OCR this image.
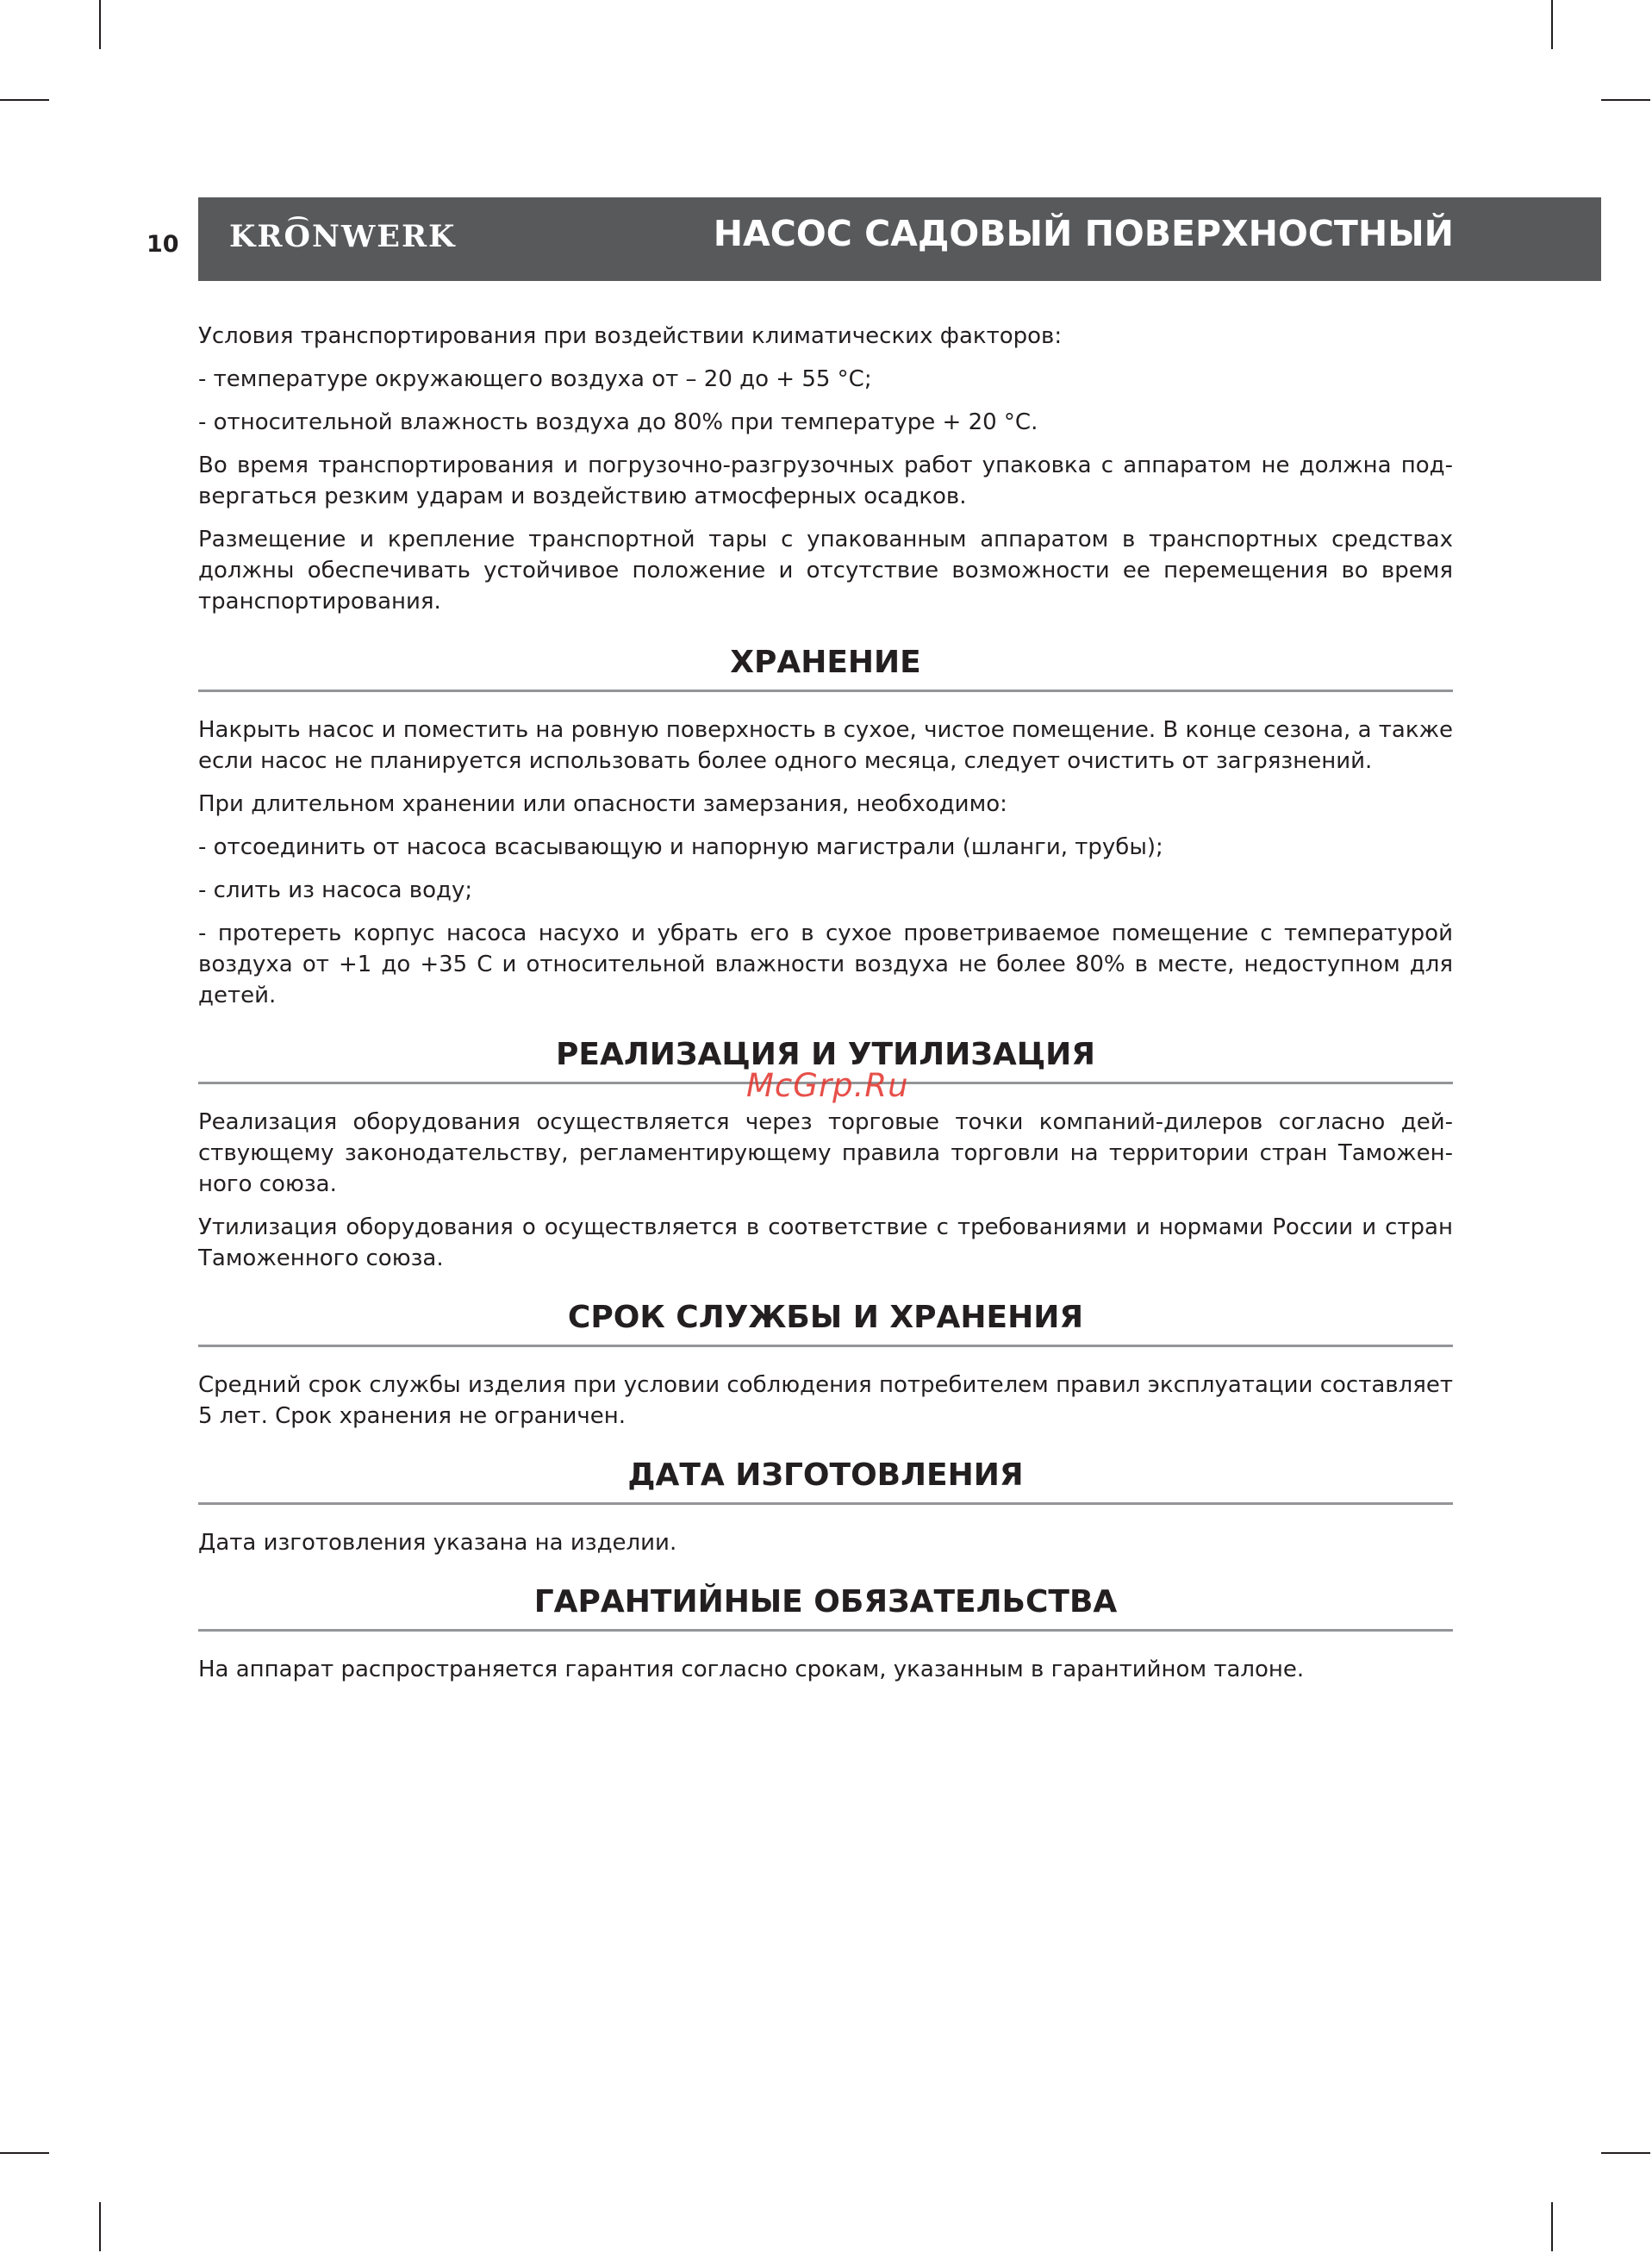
10 KRONWERK	НАСОС САДОВЫЙ ПОВЕРХНОСТНЫЙ

Условия транспортирования при воздействии климатических факторов:

- температуре окружающего воздуха от – 20 до + 55 °С;

- относительной влажность воздуха до 80% при температуре + 20 °С.

Во время транспортирования и погрузочно-разгрузочных работ упаковка с аппаратом не должна подвергаться резким ударам и воздействию атмосферных осадков.

Размещение и крепление транспортной тары с упакованным аппаратом в транспортных средствах должны обеспечивать устойчивое положение и отсутствие возможности ее перемещения во время транспортирования.

ХРАНЕНИЕ

Накрыть насос и поместить на ровную поверхность в сухое, чистое помещение. В конце сезона, а также если насос не планируется использовать более одного месяца, следует очистить от загрязнений.

При длительном хранении или опасности замерзания, необходимо:

- отсоединить от насоса всасывающую и напорную магистрали (шланги, трубы);

- слить из насоса воду;

- протереть корпус насоса насухо и убрать его в сухое проветриваемое помещение с температурой воздуха от +1 до +35 С и относительной влажности воздуха не более 80% в месте, недоступном для детей.

РЕАЛИЗАЦИЯ И УТИЛИЗАЦИЯ

Реализация оборудования осуществляется через торговые точки компаний-дилеров согласно действующему законодательству, регламентирующему правила торговли на территории стран Таможенного союза.

Утилизация оборудования о осуществляется в соответствие с требованиями и нормами России и стран Таможенного союза.

СРОК СЛУЖБЫ И ХРАНЕНИЯ

Средний срок службы изделия при условии соблюдения потребителем правил эксплуатации составляет 5 лет. Срок хранения не ограничен.

ДАТА ИЗГОТОВЛЕНИЯ

Дата изготовления указана на изделии.

ГАРАНТИЙНЫЕ ОБЯЗАТЕЛЬСТВА

На аппарат распространяется гарантия согласно срокам, указанным в гарантийном талоне.

McGrp.Ru
